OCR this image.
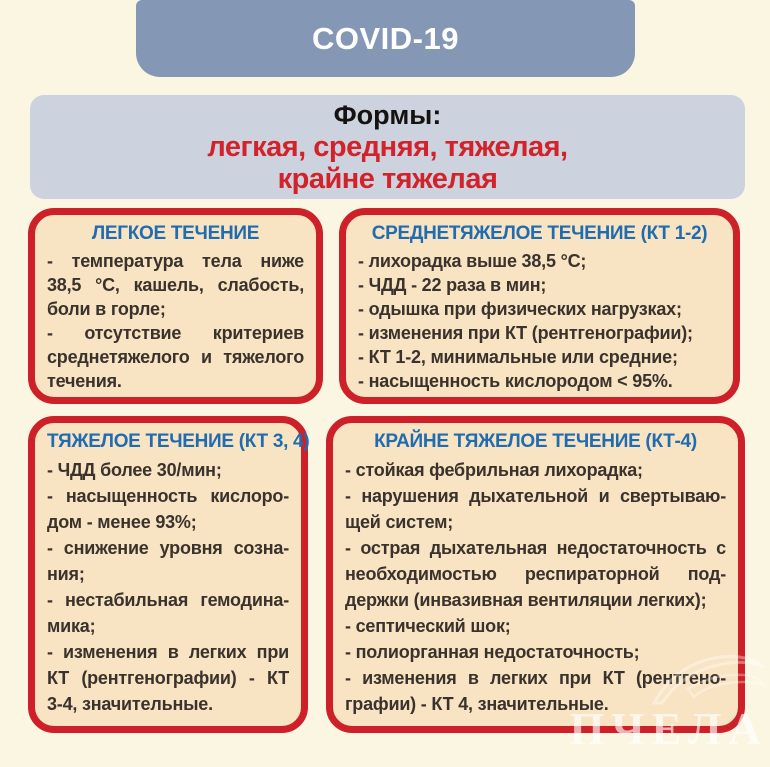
COVID-19
Формы:
легкая, средняя, тяжелая,
крайне тяжелая
ЛЕГКОЕ ТЕЧЕНИЕ
- температура тела ниже
38,5 °С, кашель, слабость,
боли в горле;
- отсутствие критериев
среднетяжелого и тяжелого
течения.
СРЕДНЕТЯЖЕЛОЕ ТЕЧЕНИЕ (КТ 1-2)
- лихорадка выше 38,5 °С;
- ЧДД - 22 раза в мин;
- одышка при физических нагрузках;
- изменения при КТ (рентгенографии);
- КТ 1-2, минимальные или средние;
- насыщенность кислородом < 95%.
ТЯЖЕЛОЕ ТЕЧЕНИЕ (КТ 3, 4)
- ЧДД более 30/мин;
- насыщенность кислоро-
дом - менее 93%;
- снижение уровня созна-
ния;
- нестабильная гемодина-
мика;
- изменения в легких при
КТ (рентгенографии) - КТ
3-4, значительные.
КРАЙНЕ ТЯЖЕЛОЕ ТЕЧЕНИЕ (КТ-4)
- стойкая фебрильная лихорадка;
- нарушения дыхательной и свертываю-
щей систем;
- острая дыхательная недостаточность с
необходимостью респираторной под-
держки (инвазивная вентиляции легких);
- септический шок;
- полиорганная недостаточность;
- изменения в легких при КТ (рентгено-
графии) - КТ 4, значительные.
ПЧЕЛА
